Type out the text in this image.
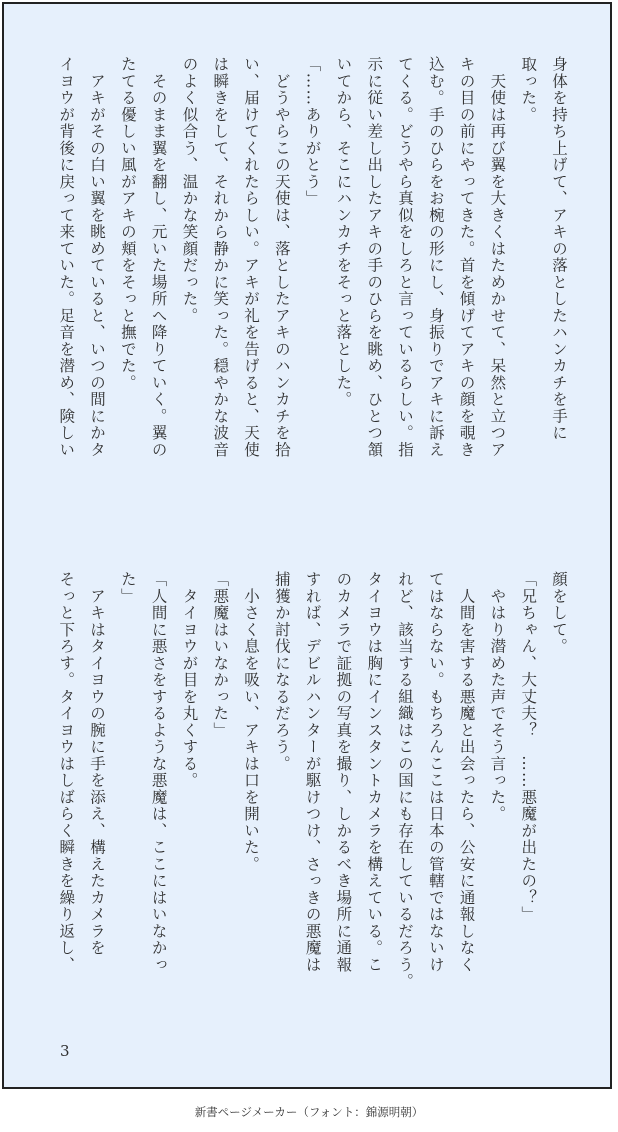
身体を持ち上げて、アキの落としたハンカチを手に
取った。
　天使は再び翼を大きくはためかせて、呆然と立つア
キの目の前にやってきた。首を傾げてアキの顔を覗き
込む。手のひらをお椀の形にし、身振りでアキに訴え
てくる。どうやら真似をしろと言っているらしい。指
示に従い差し出したアキの手のひらを眺め、ひとつ頷
いてから、そこにハンカチをそっと落とした。
「……ありがとう」
　どうやらこの天使は、落としたアキのハンカチを拾
い、届けてくれたらしい。アキが礼を告げると、天使
は瞬きをして、それから静かに笑った。穏やかな波音
のよく似合う、温かな笑顔だった。
　そのまま翼を翻し、元いた場所へ降りていく。翼の
たてる優しい風がアキの頬をそっと撫でた。
　アキがその白い翼を眺めていると、いつの間にかタ
イヨウが背後に戻って来ていた。足音を潜め、険しい
顔をして。
「兄ちゃん、大丈夫？　……悪魔が出たの？」
　やはり潜めた声でそう言った。
　人間を害する悪魔と出会ったら、公安に通報しなく
てはならない。もちろんここは日本の管轄ではないけ
れど、該当する組織はこの国にも存在しているだろう。
タイヨウは胸にインスタントカメラを構えている。こ
のカメラで証拠の写真を撮り、しかるべき場所に通報
すれば、デビルハンターが駆けつけ、さっきの悪魔は
捕獲か討伐になるだろう。
　小さく息を吸い、アキは口を開いた。
「悪魔はいなかった」
　タイヨウが目を丸くする。
「人間に悪さをするような悪魔は、ここにはいなかっ
た」
　アキはタイヨウの腕に手を添え、構えたカメラを
そっと下ろす。タイヨウはしばらく瞬きを繰り返し、
3
新書ページメーカー（フォント：錦源明朝）
